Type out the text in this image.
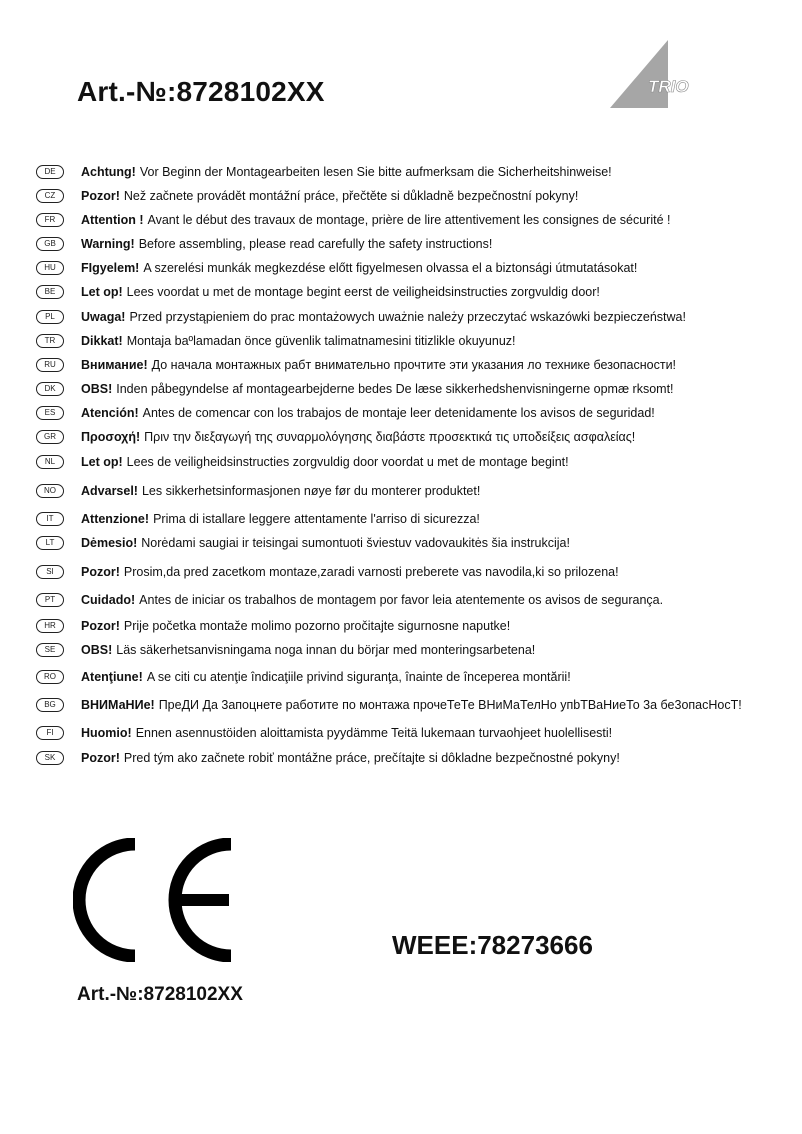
Art.-№:8728102XX	TRIO
DE	Achtung! Vor Beginn der Montagearbeiten lesen Sie bitte aufmerksam die Sicherheitshinweise!
CZ	Pozor! Než začnete provádět montážní práce, přečtěte si důkladně bezpečnostní pokyny!
FR	Attention ! Avant le début des travaux de montage, prière de lire attentivement les consignes de sécurité !
GB	Warning! Before assembling, please read carefully the safety instructions!
HU	FIgyelem! A szerelési munkák megkezdése előtt figyelmesen olvassa el a biztonsági útmutatásokat!
BE	Let op! Lees voordat u met de montage begint eerst de veiligheidsinstructies zorgvuldig door!
PL	Uwaga! Przed przystąpieniem do prac montażowych uważnie należy przeczytać wskazówki bezpieczeństwa!
TR	Dikkat! Montaja baºlamadan önce güvenlik talimatnamesini titizlikle okuyunuz!
RU	Внимание! До начала монтажных рабт внимательно прочтите эти указания ло технике безопасности!
DK	OBS! Inden påbegyndelse af montagearbejderne bedes De læse sikkerhedshenvisningerne opmæ rksomt!
ES	Atención! Antes de comencar con los trabajos de montaje leer detenidamente los avisos de seguridad!
GR	Προσοχή! Πριν την διεξαγωγή της συναρμολόγησης διαβάστε προσεκτικά τις υποδείξεις ασφαλείας!
NL	Let op! Lees de veiligheidsinstructies zorgvuldig door voordat u met de montage begint!
NO	Advarsel! Les sikkerhetsinformasjonen nøye før du monterer produktet!
IT	Attenzione! Prima di istallare leggere attentamente l'arriso di sicurezza!
LT	Dėmesio! Norėdami saugiai ir teisingai sumontuoti šviestuv vadovaukitės šia instrukcija!
SI	Pozor! Prosim,da pred zacetkom montaze,zaradi varnosti preberete vas navodila,ki so prilozena!
PT	Cuidado! Antes de iniciar os trabalhos de montagem por favor leia atentemente os avisos de segurança.
HR	Pozor! Prije početka montaže molimo pozorno pročitajte sigurnosne naputke!
SE	OBS! Läs säkerhetsanvisningama noga innan du börjar med monteringsarbetena!
RO	Atenţiune! A se citi cu atenţie îndicaţiile privind siguranţa, înainte de începerea montării!
BG	ВНИМаНИе! ПреДИ Да 3апоцнете работите по монтажа прочеТеТе ВНиМаТелНо упbТВаНиеТо 3а бе3опасНосТ!
FI	Huomio! Ennen asennustöiden aloittamista pyydämme Teitä lukemaan turvaohjeet huolellisesti!
SK	Pozor! Pred tým ako začnete robiť montážne práce, prečítajte si dôkladne bezpečnostné pokyny!
WEEE:78273666
Art.-№:8728102XX
